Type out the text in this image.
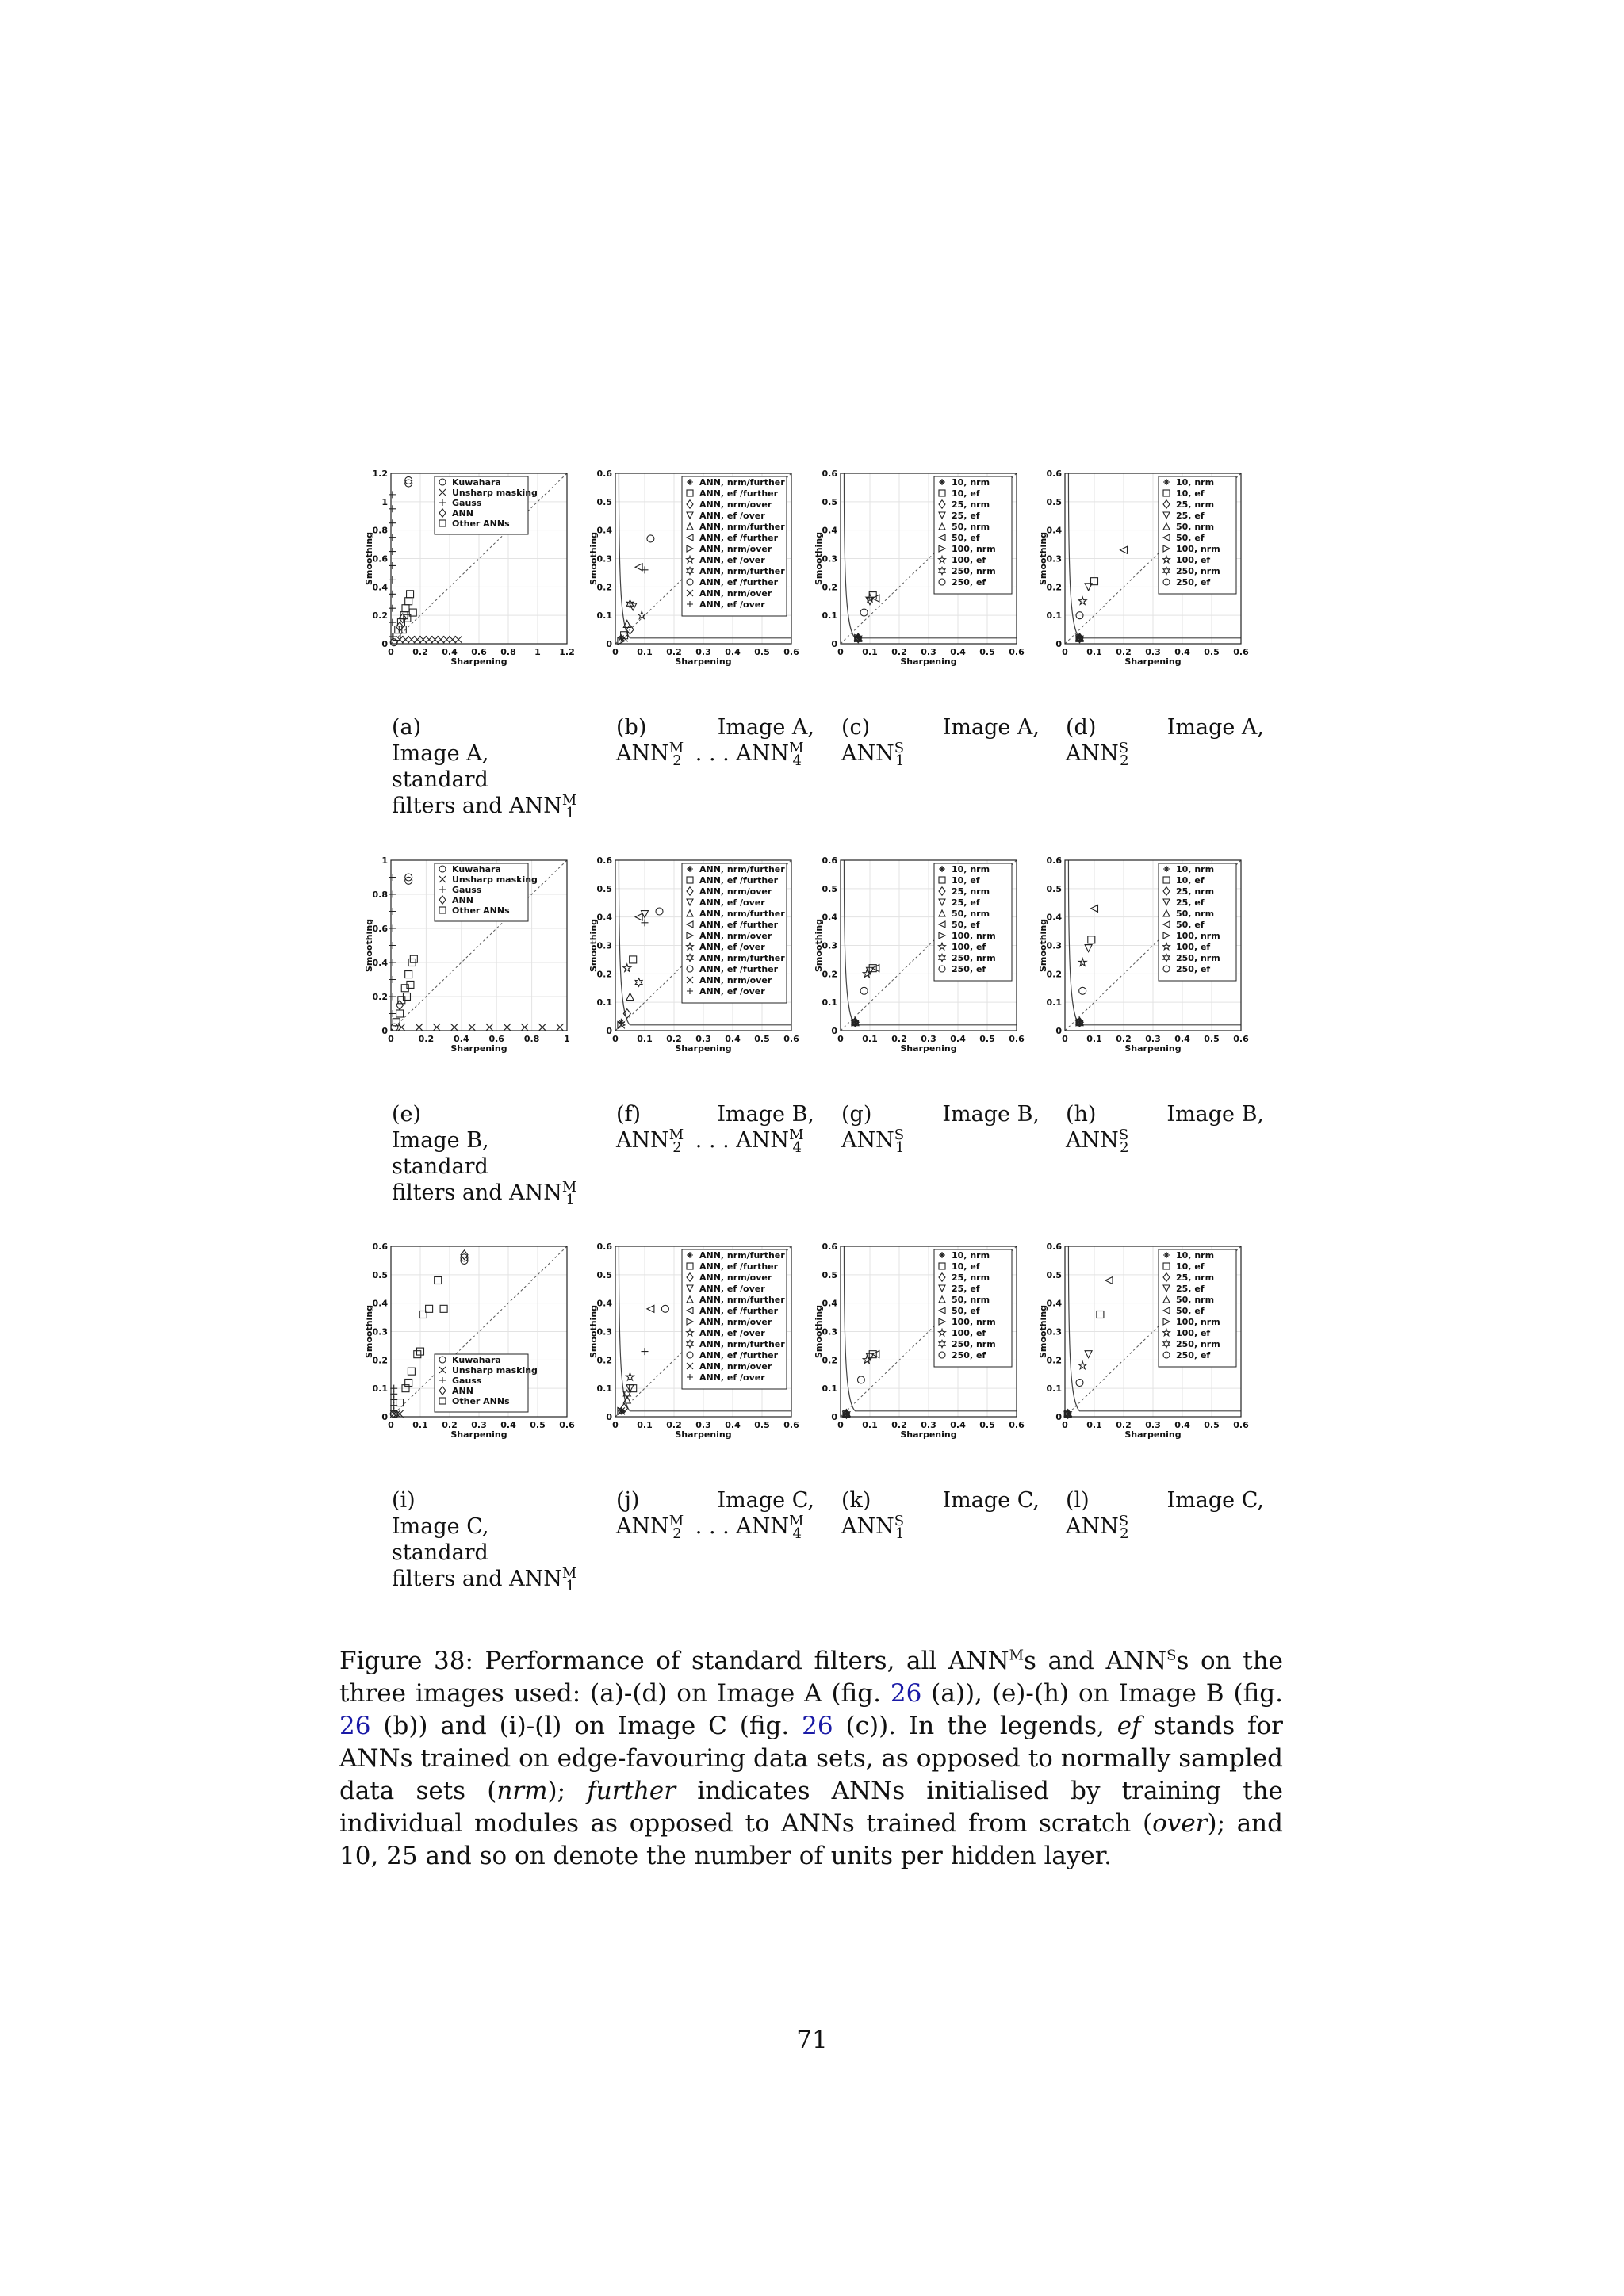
0 0.2 0.4 0.6 0.8 1 1.2
0
0.2
0.4
0.6
0.8
1
1.2
Sharpening
Smoothing
Kuwahara
Unsharp masking
Gauss
ANN
Other ANNs
0 0.1 0.2 0.3 0.4 0.5 0.6
0
0.1
0.2
0.3
0.4
0.5
0.6
Sharpening
Smoothing
ANN, nrm/further
ANN, ef /further
ANN, nrm/over
ANN, ef /over
ANN, nrm/further
ANN, ef /further
ANN, nrm/over
ANN, ef /over
ANN, nrm/further
ANN, ef /further
ANN, nrm/over
ANN, ef /over
0 0.1 0.2 0.3 0.4 0.5 0.6
0
0.1
0.2
0.3
0.4
0.5
0.6
Sharpening
Smoothing
10, nrm
10, ef
25, nrm
25, ef
50, nrm
50, ef
100, nrm
100, ef
250, nrm
250, ef
0 0.1 0.2 0.3 0.4 0.5 0.6
0
0.1
0.2
0.3
0.4
0.5
0.6
Sharpening
Smoothing
10, nrm
10, ef
25, nrm
25, ef
50, nrm
50, ef
100, nrm
100, ef
250, nrm
250, ef
0	0.2 0.4 0.6 0.8	1
0
0.2
0.4
0.6
0.8
1
Sharpening
Smoothing
Kuwahara
Unsharp masking
Gauss
ANN
Other ANNs
0 0.1 0.2 0.3 0.4 0.5 0.6
0
0.1
0.2
0.3
0.4
0.5
0.6
Sharpening
Smoothing
ANN, nrm/further
ANN, ef /further
ANN, nrm/over
ANN, ef /over
ANN, nrm/further
ANN, ef /further
ANN, nrm/over
ANN, ef /over
ANN, nrm/further
ANN, ef /further
ANN, nrm/over
ANN, ef /over
0 0.1 0.2 0.3 0.4 0.5 0.6
0
0.1
0.2
0.3
0.4
0.5
0.6
Sharpening
Smoothing
10, nrm
10, ef
25, nrm
25, ef
50, nrm
50, ef
100, nrm
100, ef
250, nrm
250, ef
0 0.1 0.2 0.3 0.4 0.5 0.6
0
0.1
0.2
0.3
0.4
0.5
0.6
Sharpening
Smoothing
10, nrm
10, ef
25, nrm
25, ef
50, nrm
50, ef
100, nrm
100, ef
250, nrm
250, ef
0 0.1 0.2 0.3 0.4 0.5 0.6
0
0.1
0.2
0.3
0.4
0.5
0.6
Sharpening
Smoothing
Kuwahara
Unsharp masking
Gauss
ANN
Other ANNs
0 0.1 0.2 0.3 0.4 0.5 0.6
0
0.1
0.2
0.3
0.4
0.5
0.6
Sharpening
Smoothing
ANN, nrm/further
ANN, ef /further
ANN, nrm/over
ANN, ef /over
ANN, nrm/further
ANN, ef /further
ANN, nrm/over
ANN, ef /over
ANN, nrm/further
ANN, ef /further
ANN, nrm/over
ANN, ef /over
0 0.1 0.2 0.3 0.4 0.5 0.6
0
0.1
0.2
0.3
0.4
0.5
0.6
Sharpening
Smoothing
10, nrm
10, ef
25, nrm
25, ef
50, nrm
50, ef
100, nrm
100, ef
250, nrm
250, ef
0 0.1 0.2 0.3 0.4 0.5 0.6
0
0.1
0.2
0.3
0.4
0.5
0.6
Sharpening
Smoothing
10, nrm
10, ef
25, nrm
25, ef
50, nrm
50, ef
100, nrm
100, ef
250, nrm
250, ef
(a)
Image A, standard
filters and $ANN^M_1$
(b)	Image A,
$ANN^M_2$  . . . $ANN^M_4$
(c)	Image A,
$ANN^S_1$
(d)	Image A,
$ANN^S_2$
(e)
Image B, standard
filters and $ANN^M_1$
(f)	Image B,
$ANN^M_2$  . . . $ANN^M_4$
(g)	Image B,
$ANN^S_1$
(h)	Image B,
$ANN^S_2$
(i)
Image C, standard
filters and $ANN^M_1$
(j)	Image C,
$ANN^M_2$  . . . $ANN^M_4$
(k)	Image C,
$ANN^S_1$
(l)	Image C,
$ANN^S_2$
Figure 38: Performance of standard filters, all $ANN^Ms$ and $ANN^Ss$ on the three images used: (a)-(d) on Image A (fig. 26 (a)), (e)-(h) on Image B (fig. 26 (b)) and (i)-(l) on Image C (fig. 26 (c)). In the legends, ef stands for ANNs trained on edge-favouring data sets, as opposed to normally sampled data sets (nrm); further indicates ANNs initialised by training the individual modules as opposed to ANNs trained from scratch (over); and 10, 25 and so on denote the number of units per hidden layer.
71
